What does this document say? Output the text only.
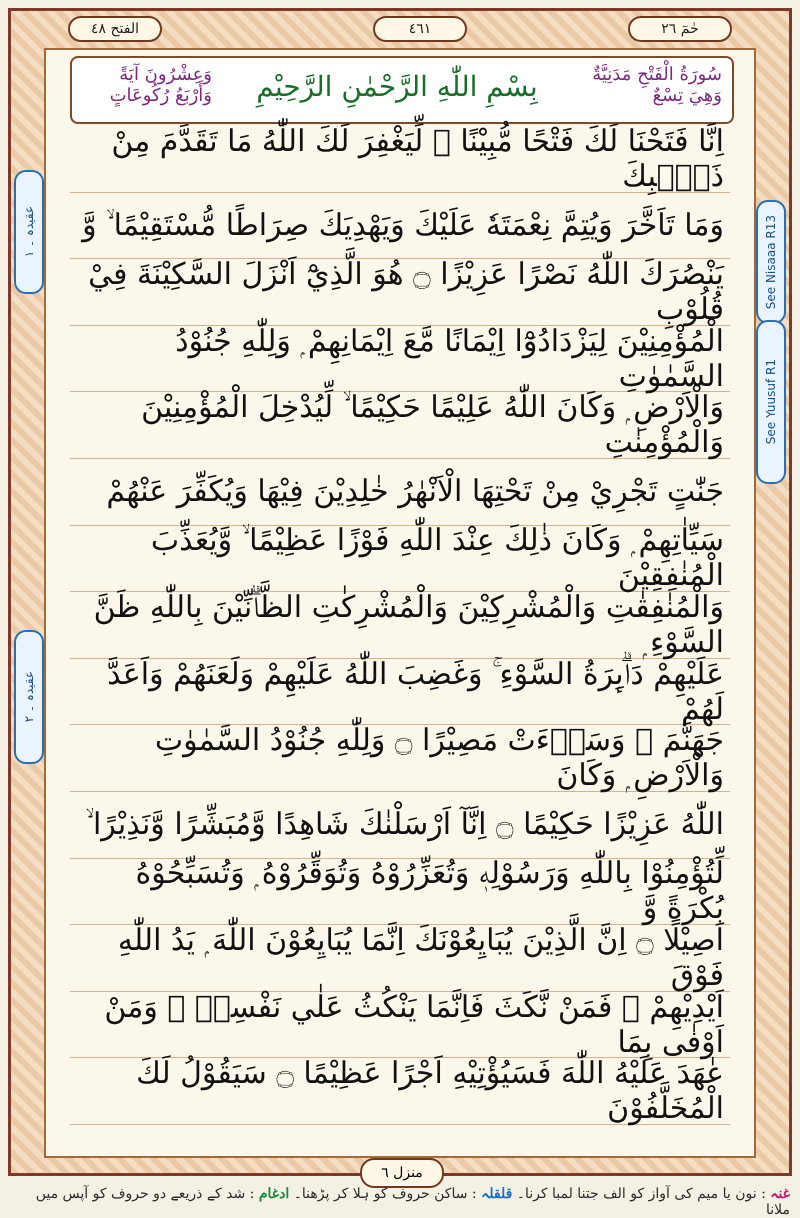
الفتح ٤٨	٤٦١	حٰمٓ ٢٦
وَعِشْرُونَ آيَةً وَأَرْبَعُ رُكُوعَاتٍ	بِسْمِ اللّٰهِ الرَّحْمٰنِ الرَّحِيْمِ	سُورَةُ الْفَتْحِ مَدَنِيَّةٌ وَهِيَ تِسْعٌ
اِنَّا فَتَحْنَا لَكَ فَتْحًا مُّبِيْنًا ۙ لِّيَغْفِرَ لَكَ اللّٰهُ مَا تَقَدَّمَ مِنْ ذَنْۢبِكَ
وَمَا تَاَخَّرَ وَيُتِمَّ نِعْمَتَهٗ عَلَيْكَ وَيَهْدِيَكَ صِرَاطًا مُّسْتَقِيْمًا ۙ وَّ
يَنْصُرَكَ اللّٰهُ نَصْرًا عَزِيْزًا ۝ هُوَ الَّذِيْٓ اَنْزَلَ السَّكِيْنَةَ فِيْ قُلُوْبِ
الْمُؤْمِنِيْنَ لِيَزْدَادُوْٓا اِيْمَانًا مَّعَ اِيْمَانِهِمْ ۭ وَلِلّٰهِ جُنُوْدُ السَّمٰوٰتِ
وَالْاَرْضِ ۭ وَكَانَ اللّٰهُ عَلِيْمًا حَكِيْمًا ۙ لِّيُدْخِلَ الْمُؤْمِنِيْنَ وَالْمُؤْمِنٰتِ
جَنّٰتٍ تَجْرِيْ مِنْ تَحْتِهَا الْاَنْهٰرُ خٰلِدِيْنَ فِيْهَا وَيُكَفِّرَ عَنْهُمْ
سَيِّاٰتِهِمْ ۭ وَكَانَ ذٰلِكَ عِنْدَ اللّٰهِ فَوْزًا عَظِيْمًا ۙ وَّيُعَذِّبَ الْمُنٰفِقِيْنَ
وَالْمُنٰفِقٰتِ وَالْمُشْرِكِيْنَ وَالْمُشْرِكٰتِ الظَّاۗنِّيْنَ بِاللّٰهِ ظَنَّ السَّوْءِ ۭ
عَلَيْهِمْ دَاۗىِٕرَةُ السَّوْءِ ۚ وَغَضِبَ اللّٰهُ عَلَيْهِمْ وَلَعَنَهُمْ وَاَعَدَّ لَهُمْ
جَهَنَّمَ ۭ وَسَاۗءَتْ مَصِيْرًا ۝ وَلِلّٰهِ جُنُوْدُ السَّمٰوٰتِ وَالْاَرْضِ ۭ وَكَانَ
اللّٰهُ عَزِيْزًا حَكِيْمًا ۝ اِنَّآ اَرْسَلْنٰكَ شَاهِدًا وَّمُبَشِّرًا وَّنَذِيْرًا ۙ
لِّتُؤْمِنُوْا بِاللّٰهِ وَرَسُوْلِهٖ وَتُعَزِّرُوْهُ وَتُوَقِّرُوْهُ ۭ وَتُسَبِّحُوْهُ بُكْرَةً وَّ
اَصِيْلًا ۝ اِنَّ الَّذِيْنَ يُبَايِعُوْنَكَ اِنَّمَا يُبَايِعُوْنَ اللّٰهَ ۭ يَدُ اللّٰهِ فَوْقَ
اَيْدِيْهِمْ ۚ فَمَنْ نَّكَثَ فَاِنَّمَا يَنْكُثُ عَلٰي نَفْسِهٖ ۚ وَمَنْ اَوْفٰى بِمَا
عٰهَدَ عَلَيْهُ اللّٰهَ فَسَيُؤْتِيْهِ اَجْرًا عَظِيْمًا ۝ سَيَقُوْلُ لَكَ الْمُخَلَّفُوْنَ
عقيدہ ۔ ۱
عقيدہ ۔ ۲
See Nisaaa R13
See Yuusuf R1
منزل ٦
غنہ : نون یا میم کی آواز کو الف جتنا لمبا کرنا۔ قلقلہ : ساکن حروف کو ہلا کر پڑھنا۔ ادغام : شد کے ذریعے دو حروف کو آپس میں ملانا
